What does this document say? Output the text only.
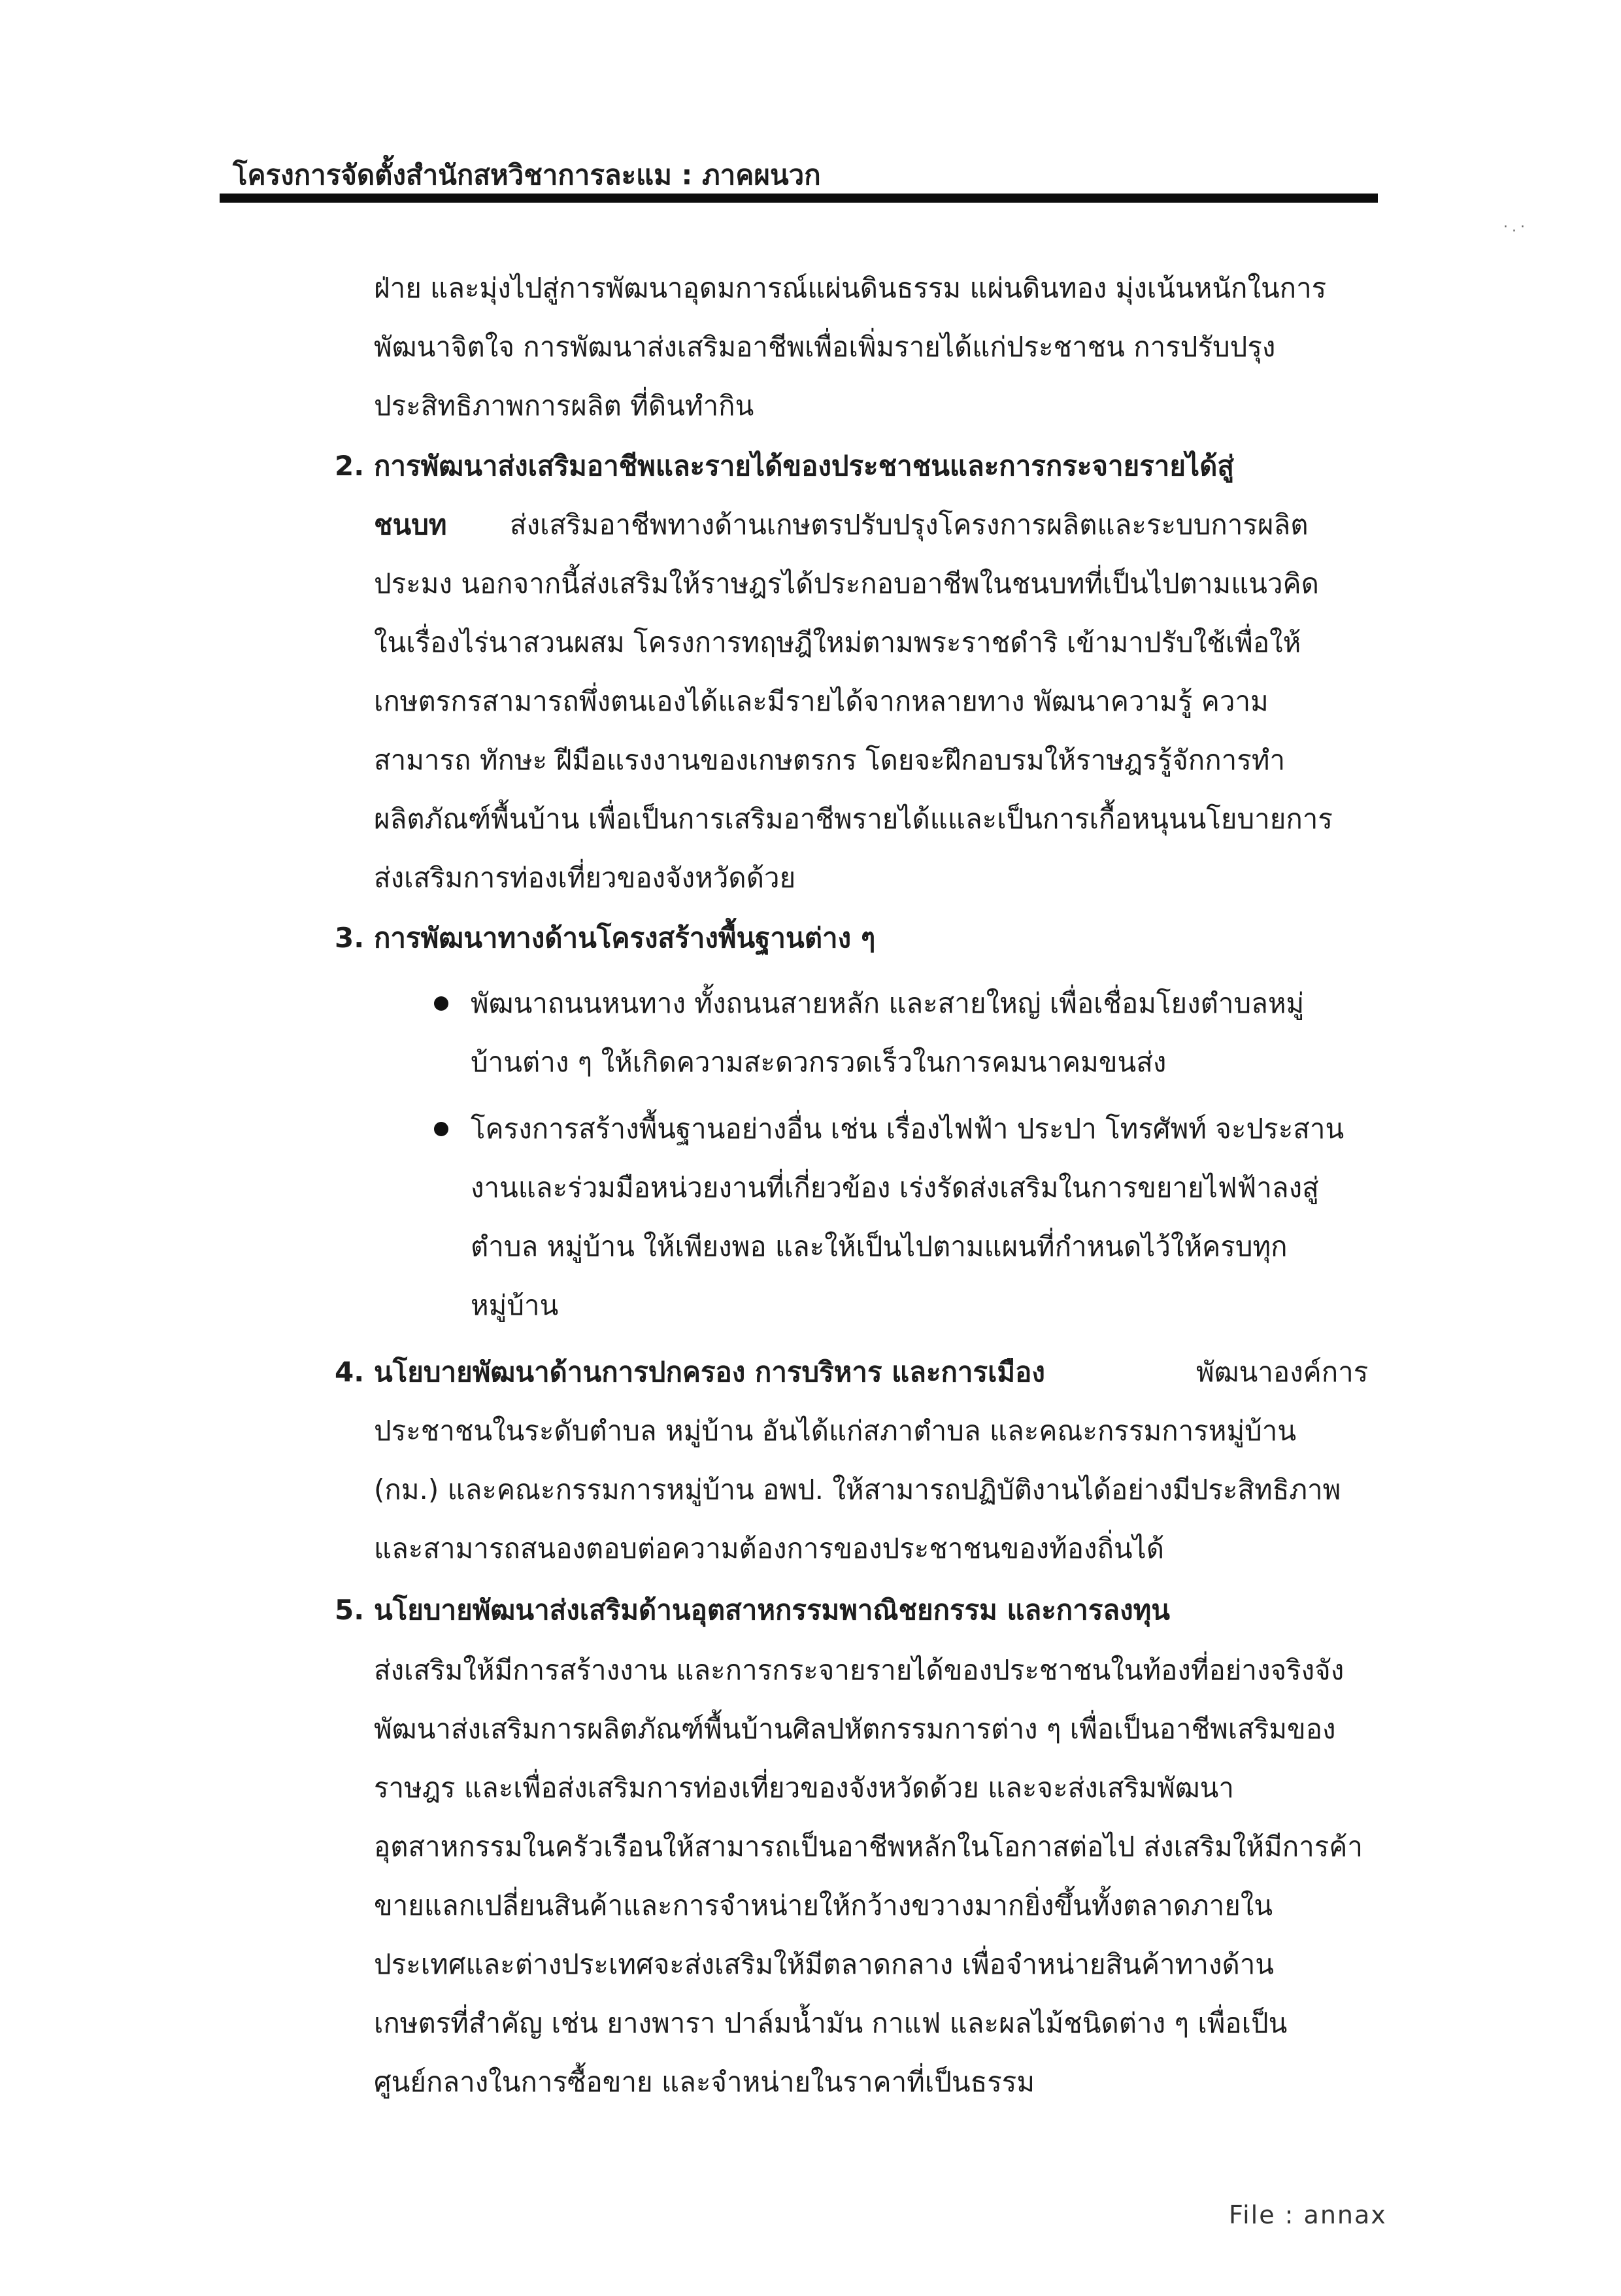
โครงการจัดตั้งสำนักสหวิชาการละแม : ภาคผนวก
·.·
ฝ่าย และมุ่งไปสู่การพัฒนาอุดมการณ์แผ่นดินธรรม แผ่นดินทอง มุ่งเน้นหนักในการ
พัฒนาจิตใจ การพัฒนาส่งเสริมอาชีพเพื่อเพิ่มรายได้แก่ประชาชน การปรับปรุง
ประสิทธิภาพการผลิต ที่ดินทำกิน
2. การพัฒนาส่งเสริมอาชีพและรายได้ของประชาชนและการกระจายรายได้สู่
ชนบท ส่งเสริมอาชีพทางด้านเกษตรปรับปรุงโครงการผลิตและระบบการผลิต
ประมง นอกจากนี้ส่งเสริมให้ราษฎรได้ประกอบอาชีพในชนบทที่เป็นไปตามแนวคิด
ในเรื่องไร่นาสวนผสม โครงการทฤษฎีใหม่ตามพระราชดำริ เข้ามาปรับใช้เพื่อให้
เกษตรกรสามารถพึ่งตนเองได้และมีรายได้จากหลายทาง พัฒนาความรู้ ความ
สามารถ ทักษะ ฝีมือแรงงานของเกษตรกร โดยจะฝึกอบรมให้ราษฎรรู้จักการทำ
ผลิตภัณฑ์พื้นบ้าน เพื่อเป็นการเสริมอาชีพรายได้แและเป็นการเกื้อหนุนนโยบายการ
ส่งเสริมการท่องเที่ยวของจังหวัดด้วย
3. การพัฒนาทางด้านโครงสร้างพื้นฐานต่าง ๆ
พัฒนาถนนหนทาง ทั้งถนนสายหลัก และสายใหญ่ เพื่อเชื่อมโยงตำบลหมู่
บ้านต่าง ๆ ให้เกิดความสะดวกรวดเร็วในการคมนาคมขนส่ง
โครงการสร้างพื้นฐานอย่างอื่น เช่น เรื่องไฟฟ้า ประปา โทรศัพท์ จะประสาน
งานและร่วมมือหน่วยงานที่เกี่ยวข้อง เร่งรัดส่งเสริมในการขยายไฟฟ้าลงสู่
ตำบล หมู่บ้าน ให้เพียงพอ และให้เป็นไปตามแผนที่กำหนดไว้ให้ครบทุก
หมู่บ้าน
4. นโยบายพัฒนาด้านการปกครอง การบริหาร และการเมือง	พัฒนาองค์การ
ประชาชนในระดับตำบล หมู่บ้าน อันได้แก่สภาตำบล และคณะกรรมการหมู่บ้าน
(กม.) และคณะกรรมการหมู่บ้าน อพป. ให้สามารถปฏิบัติงานได้อย่างมีประสิทธิภาพ
และสามารถสนองตอบต่อความต้องการของประชาชนของท้องถิ่นได้
5. นโยบายพัฒนาส่งเสริมด้านอุตสาหกรรมพาณิชยกรรม และการลงทุน
ส่งเสริมให้มีการสร้างงาน และการกระจายรายได้ของประชาชนในท้องที่อย่างจริงจัง
พัฒนาส่งเสริมการผลิตภัณฑ์พื้นบ้านศิลปหัตกรรมการต่าง ๆ เพื่อเป็นอาชีพเสริมของ
ราษฎร และเพื่อส่งเสริมการท่องเที่ยวของจังหวัดด้วย และจะส่งเสริมพัฒนา
อุตสาหกรรมในครัวเรือนให้สามารถเป็นอาชีพหลักในโอกาสต่อไป ส่งเสริมให้มีการค้า
ขายแลกเปลี่ยนสินค้าและการจำหน่ายให้กว้างขวางมากยิ่งขึ้นทั้งตลาดภายใน
ประเทศและต่างประเทศจะส่งเสริมให้มีตลาดกลาง เพื่อจำหน่ายสินค้าทางด้าน
เกษตรที่สำคัญ เช่น ยางพารา ปาล์มน้ำมัน กาแฟ และผลไม้ชนิดต่าง ๆ เพื่อเป็น
ศูนย์กลางในการซื้อขาย และจำหน่ายในราคาที่เป็นธรรม
File : annax
